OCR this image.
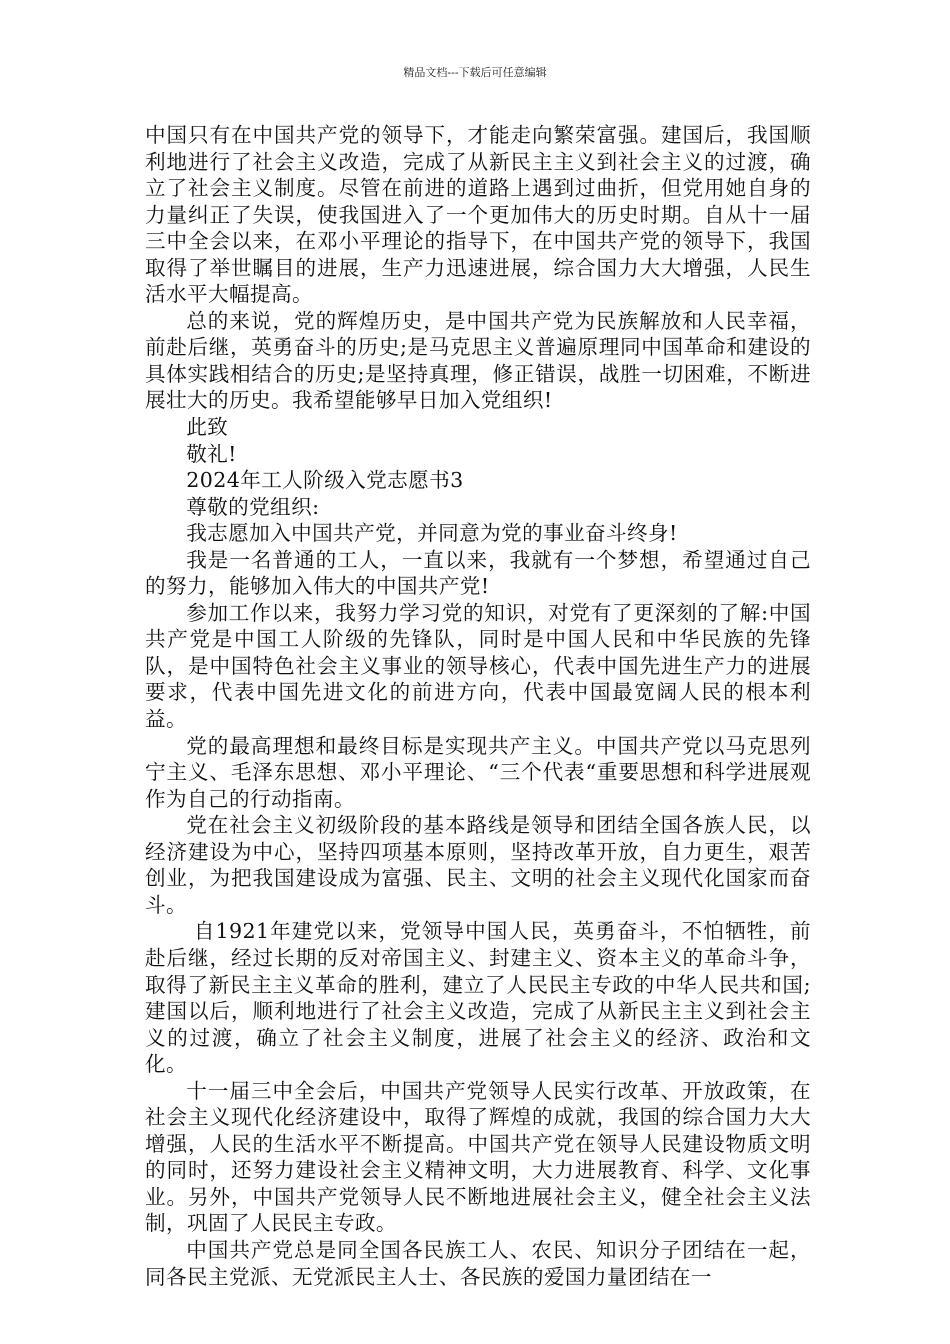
精品文档---下载后可任意编辑

中国只有在中国共产党的领导下，才能走向繁荣富强。建国后，我国顺利地进行了社会主义改造，完成了从新民主主义到社会主义的过渡，确立了社会主义制度。尽管在前进的道路上遇到过曲折，但党用她自身的力量纠正了失误，使我国进入了一个更加伟大的历史时期。自从十一届三中全会以来，在邓小平理论的指导下，在中国共产党的领导下，我国取得了举世瞩目的进展，生产力迅速进展，综合国力大大增强，人民生活水平大幅提高。

总的来说，党的辉煌历史，是中国共产党为民族解放和人民幸福，前赴后继，英勇奋斗的历史;是马克思主义普遍原理同中国革命和建设的具体实践相结合的历史;是坚持真理，修正错误，战胜一切困难，不断进展壮大的历史。我希望能够早日加入党组织!

此致

敬礼!

2024年工人阶级入党志愿书3

尊敬的党组织:

我志愿加入中国共产党，并同意为党的事业奋斗终身!

我是一名普通的工人，一直以来，我就有一个梦想，希望通过自己的努力，能够加入伟大的中国共产党!

参加工作以来，我努力学习党的知识，对党有了更深刻的了解:中国共产党是中国工人阶级的先锋队，同时是中国人民和中华民族的先锋队，是中国特色社会主义事业的领导核心，代表中国先进生产力的进展要求，代表中国先进文化的前进方向，代表中国最宽阔人民的根本利益。

党的最高理想和最终目标是实现共产主义。中国共产党以马克思列宁主义、毛泽东思想、邓小平理论、“三个代表“重要思想和科学进展观作为自己的行动指南。

党在社会主义初级阶段的基本路线是领导和团结全国各族人民，以经济建设为中心，坚持四项基本原则，坚持改革开放，自力更生，艰苦创业，为把我国建设成为富强、民主、文明的社会主义现代化国家而奋斗。

自1921年建党以来，党领导中国人民，英勇奋斗，不怕牺牲，前赴后继，经过长期的反对帝国主义、封建主义、资本主义的革命斗争，取得了新民主主义革命的胜利，建立了人民民主专政的中华人民共和国;建国以后，顺利地进行了社会主义改造，完成了从新民主主义到社会主义的过渡，确立了社会主义制度，进展了社会主义的经济、政治和文化。

十一届三中全会后，中国共产党领导人民实行改革、开放政策，在社会主义现代化经济建设中，取得了辉煌的成就，我国的综合国力大大增强，人民的生活水平不断提高。中国共产党在领导人民建设物质文明的同时，还努力建设社会主义精神文明，大力进展教育、科学、文化事业。另外，中国共产党领导人民不断地进展社会主义，健全社会主义法制，巩固了人民民主专政。

中国共产党总是同全国各民族工人、农民、知识分子团结在一起，同各民主党派、无党派民主人士、各民族的爱国力量团结在一
